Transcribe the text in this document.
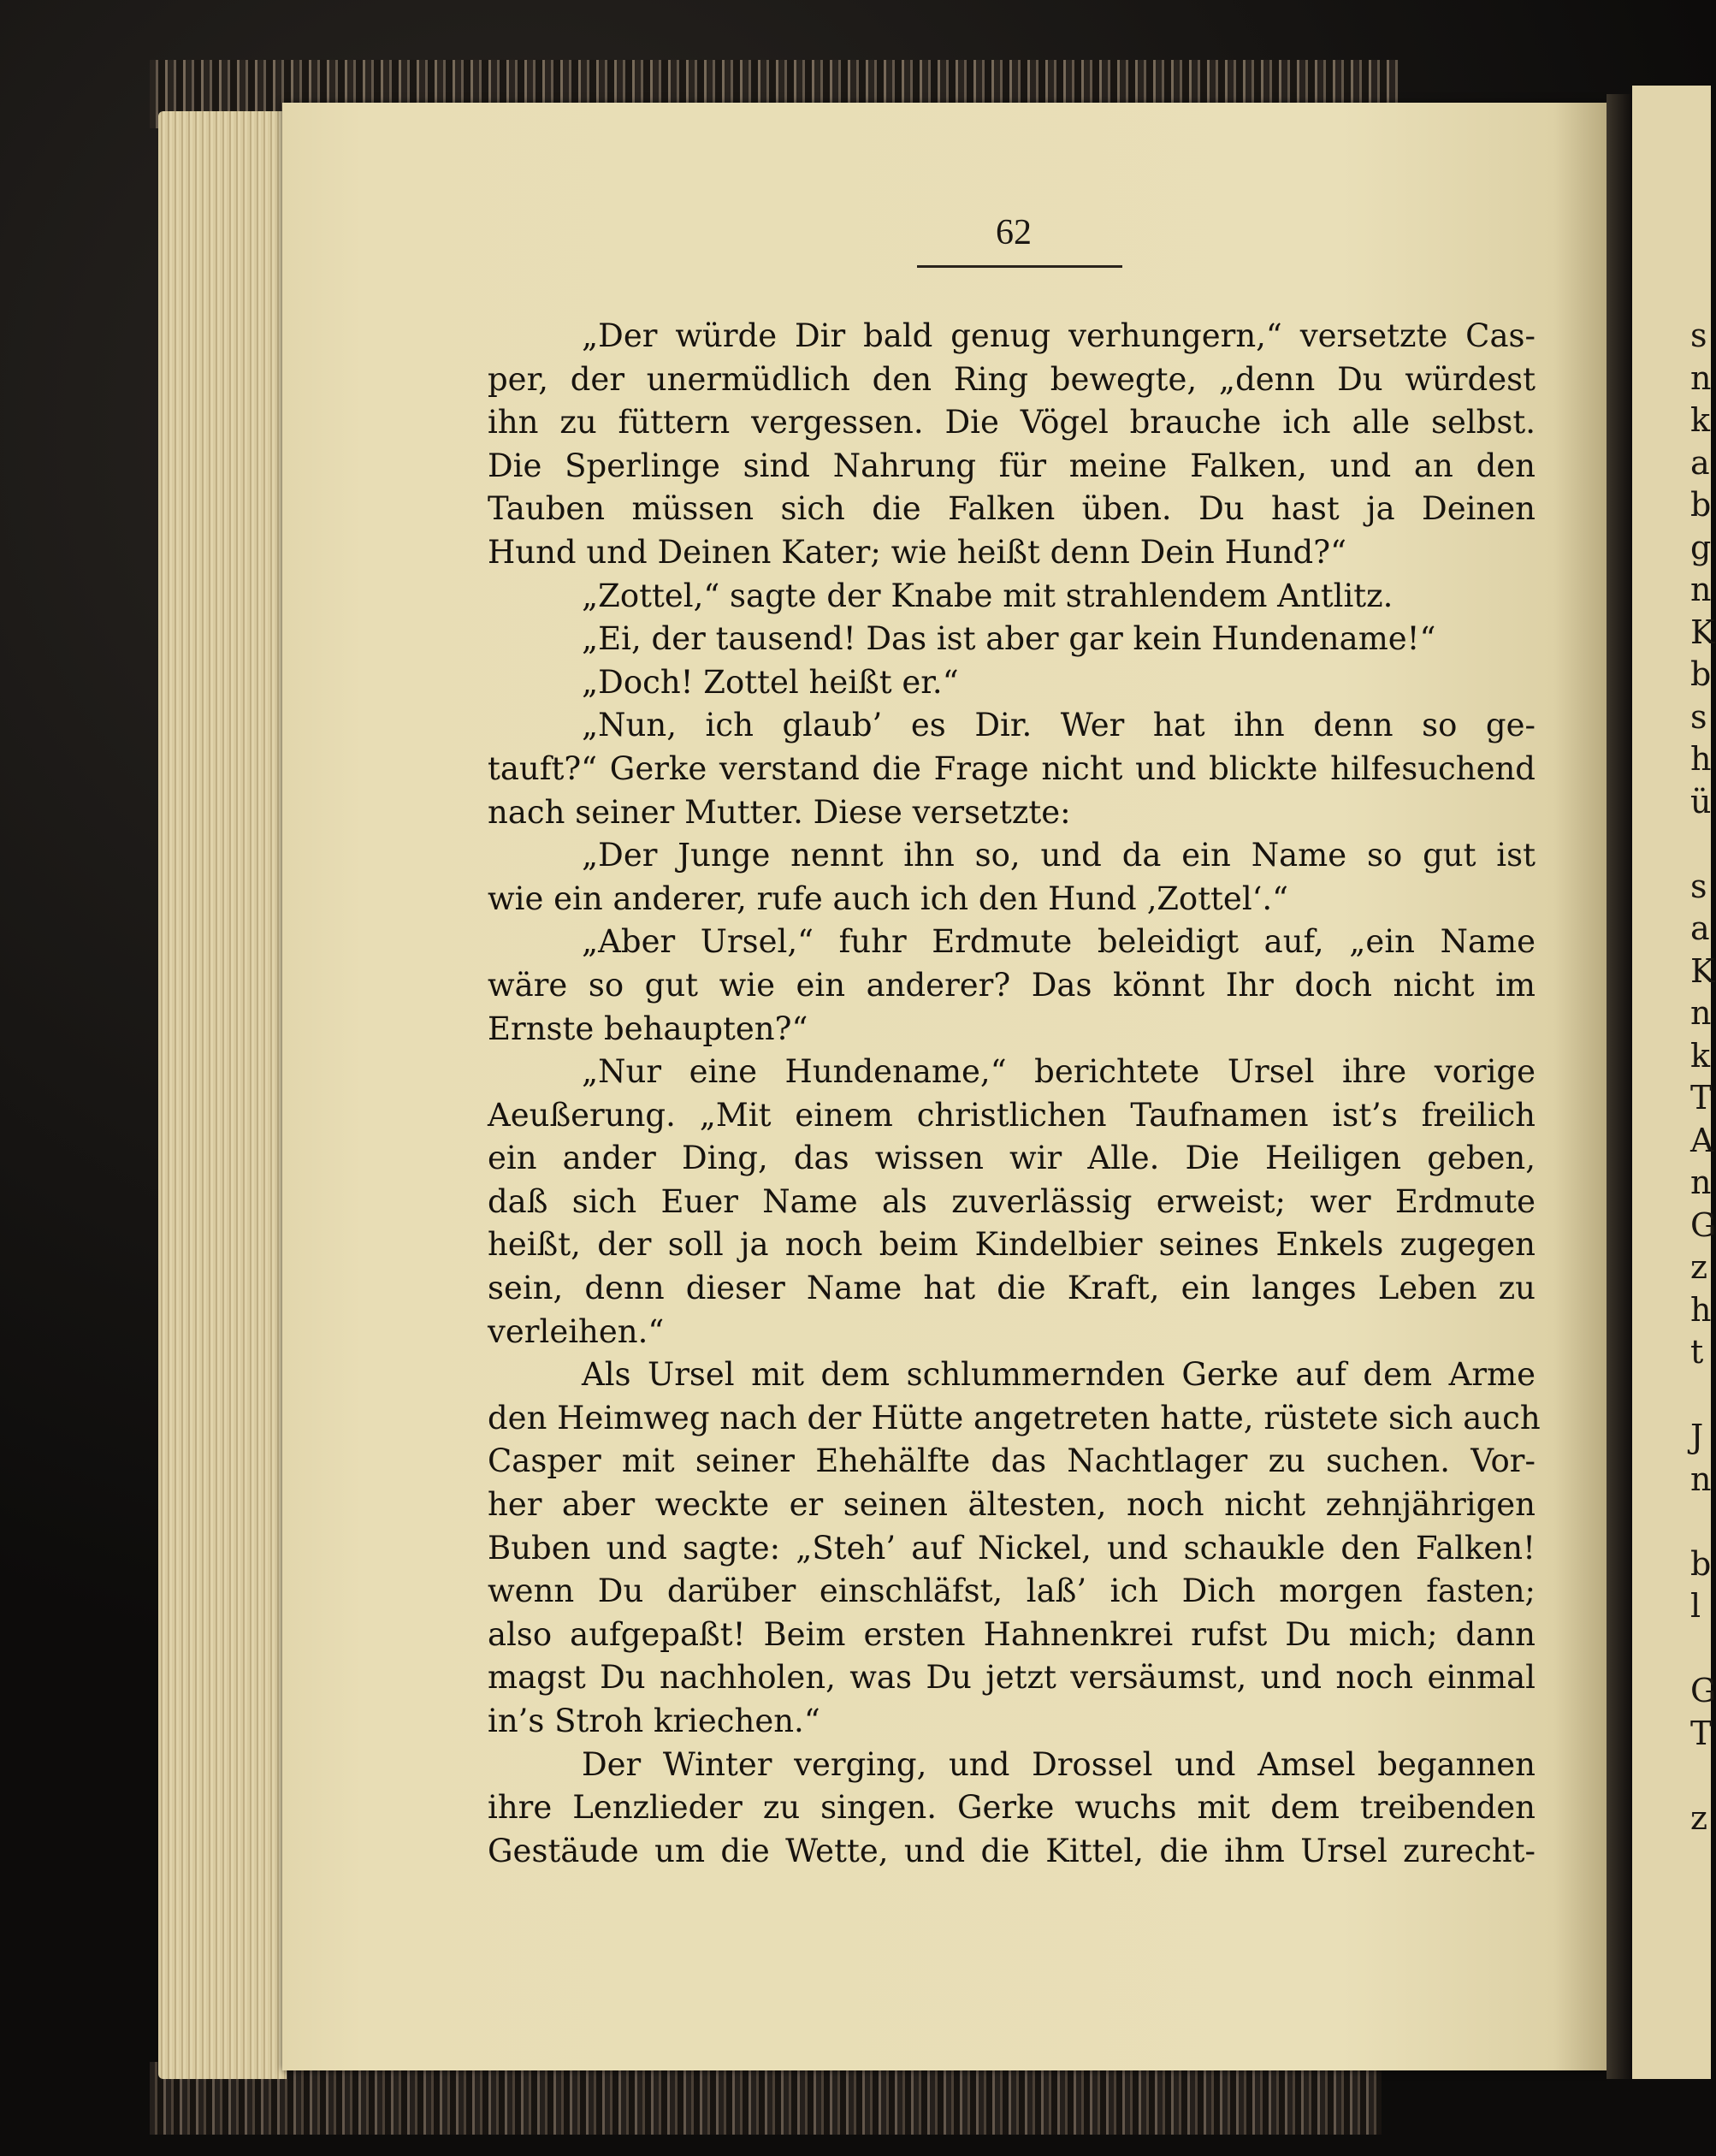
s
n
k
a
b
g
n
K
b
s
h
ü
s
a
K
n
k
T
A
n
G
z
h
t
J
n
b
l
G
T
z
62
„Der würde Dir bald genug verhungern,“ versetzte Cas-
per, der unermüdlich den Ring bewegte, „denn Du würdest
ihn zu füttern vergessen. Die Vögel brauche ich alle selbst.
Die Sperlinge sind Nahrung für meine Falken, und an den
Tauben müssen sich die Falken üben. Du hast ja Deinen
Hund und Deinen Kater; wie heißt denn Dein Hund?“
„Zottel,“ sagte der Knabe mit strahlendem Antlitz.
„Ei, der tausend! Das ist aber gar kein Hundename!“
„Doch! Zottel heißt er.“
„Nun, ich glaub’ es Dir. Wer hat ihn denn so ge-
tauft?“ Gerke verstand die Frage nicht und blickte hilfesuchend
nach seiner Mutter. Diese versetzte:
„Der Junge nennt ihn so, und da ein Name so gut ist
wie ein anderer, rufe auch ich den Hund ‚Zottel‘.“
„Aber Ursel,“ fuhr Erdmute beleidigt auf, „ein Name
wäre so gut wie ein anderer? Das könnt Ihr doch nicht im
Ernste behaupten?“
„Nur eine Hundename,“ berichtete Ursel ihre vorige
Aeußerung. „Mit einem christlichen Taufnamen ist’s freilich
ein ander Ding, das wissen wir Alle. Die Heiligen geben,
daß sich Euer Name als zuverlässig erweist; wer Erdmute
heißt, der soll ja noch beim Kindelbier seines Enkels zugegen
sein, denn dieser Name hat die Kraft, ein langes Leben zu
verleihen.“
Als Ursel mit dem schlummernden Gerke auf dem Arme
den Heimweg nach der Hütte angetreten hatte, rüstete sich auch
Casper mit seiner Ehehälfte das Nachtlager zu suchen. Vor-
her aber weckte er seinen ältesten, noch nicht zehnjährigen
Buben und sagte: „Steh’ auf Nickel, und schaukle den Falken!
wenn Du darüber einschläfst, laß’ ich Dich morgen fasten;
also aufgepaßt! Beim ersten Hahnenkrei rufst Du mich; dann
magst Du nachholen, was Du jetzt versäumst, und noch einmal
in’s Stroh kriechen.“
Der Winter verging, und Drossel und Amsel begannen
ihre Lenzlieder zu singen. Gerke wuchs mit dem treibenden
Gestäude um die Wette, und die Kittel, die ihm Ursel zurecht-
